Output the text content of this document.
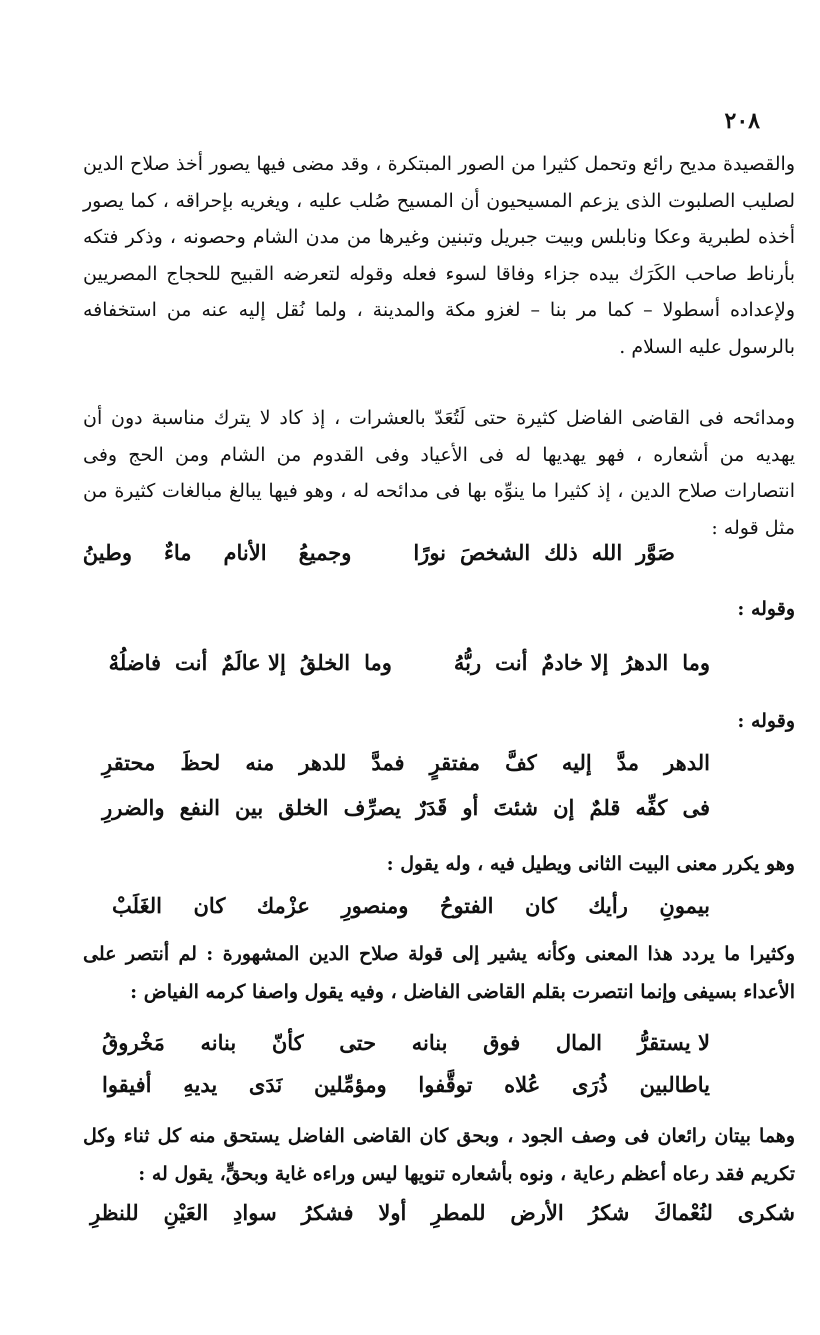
٢٠٨

والقصيدة مديح رائع وتحمل كثيرا من الصور المبتكرة ، وقد مضى فيها يصور أخذ صلاح الدين لصليب الصلبوت الذى يزعم المسيحيون أن المسيح صُلب عليه ، ويغريه بإحراقه ، كما يصور أخذه لطبرية وعكا ونابلس وبيت جبريل وتبنين وغيرها من مدن الشام وحصونه ، وذكر فتكه بأرناط صاحب الكَرَك بيده جزاء وفاقا لسوء فعله وقوله لتعرضه القبيح للحجاج المصريين ولإعداده أسطولا – كما مر بنا – لغزو مكة والمدينة ، ولما نُقل إليه عنه من استخفافه بالرسول عليه السلام .

ومدائحه فى القاضى الفاضل كثيرة حتى لَتُعَدّ بالعشرات ، إذ كاد لا يترك مناسبة دون أن يهديه من أشعاره ، فهو يهديها له فى الأعياد وفى القدوم من الشام ومن الحج وفى انتصارات صلاح الدين ، إذ كثيرا ما ينوِّه بها فى مدائحه له ، وهو فيها يبالغ مبالغات كثيرة من مثل قوله :

صَوَّر
الله
ذلك
الشخصَ
نورًا
وجميعُ
الأنام
ماءٌ
وطينُ
وقوله :
وما
الدهرُ
إلا خادمٌ
أنت
ربُّهُ
وما
الخلقُ
إلا عالَمٌ
أنت
فاضلُهْ
وقوله :
الدهر
مدَّ
إليه
كفَّ
مفتقرٍ
فمدَّ
للدهر
منه
لحظَ
محتقرِ
فى
كفِّه
قلمٌ
إن
شئتَ
أو
قَدَرٌ
يصرِّف
الخلق
بين
النفع
والضررِ
وهو يكرر معنى البيت الثانى ويطيل فيه ، وله يقول :
بيمونِ
رأيك
كان
الفتوحُ
ومنصورِ
عزْمك
كان
الغَلَبْ

وكثيرا ما يردد هذا المعنى وكأنه يشير إلى قولة صلاح الدين المشهورة : لم أنتصر على الأعداء بسيفى وإنما انتصرت بقلم القاضى الفاضل ، وفيه يقول واصفا كرمه الفياض :

لا يستقرُّ
المال
فوق
بنانه
حتى
كأنّ
بنانه
مَخْروقُ
ياطالبين
ذُرَى
عُلاه
توقَّفوا
ومؤمِّلين
نَدَى
يديهِ
أفيقوا

وهما بيتان رائعان فى وصف الجود ، وبحق كان القاضى الفاضل يستحق منه كل ثناء وكل تكريم فقد رعاه أعظم رعاية ، ونوه بأشعاره تنويها ليس وراءه غاية وبحقٍّ، يقول له :

شكرى
لنُعْماكَ
شكرُ
الأرض
للمطرِ
أولا
فشكرُ
سوادِ
العَيْنِ
للنظرِ
